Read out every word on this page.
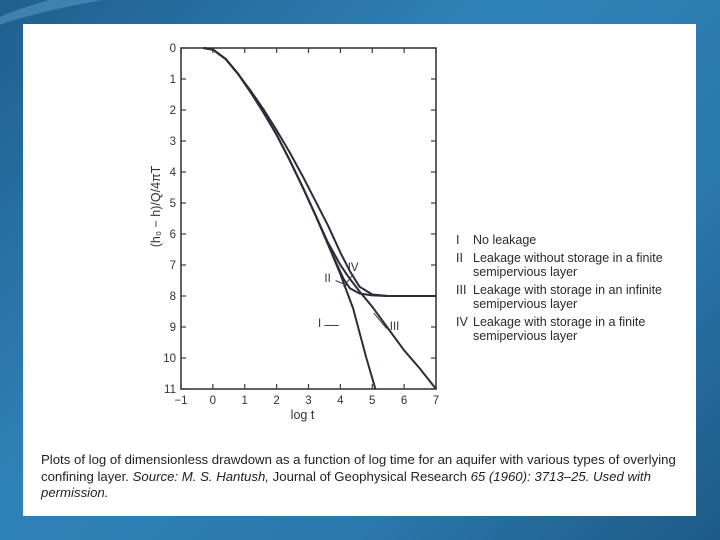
−1 0 1 2 3 4 5 6 7
0
1
2
3
4
5
6
7
8
9
10
11
log t
(h₀ − h)/Q/4πT
I
II
III
IV
I	No leakage
II Leakage without storage in a finite semipervious layer
III Leakage with storage in an infinite semipervious layer
IV Leakage with storage in a finite semipervious layer
Plots of log of dimensionless drawdown as a function of log time for an aquifer with various types of overlying confining layer. Source: M. S. Hantush, Journal of Geophysical Research 65 (1960): 3713–25. Used with permission.
